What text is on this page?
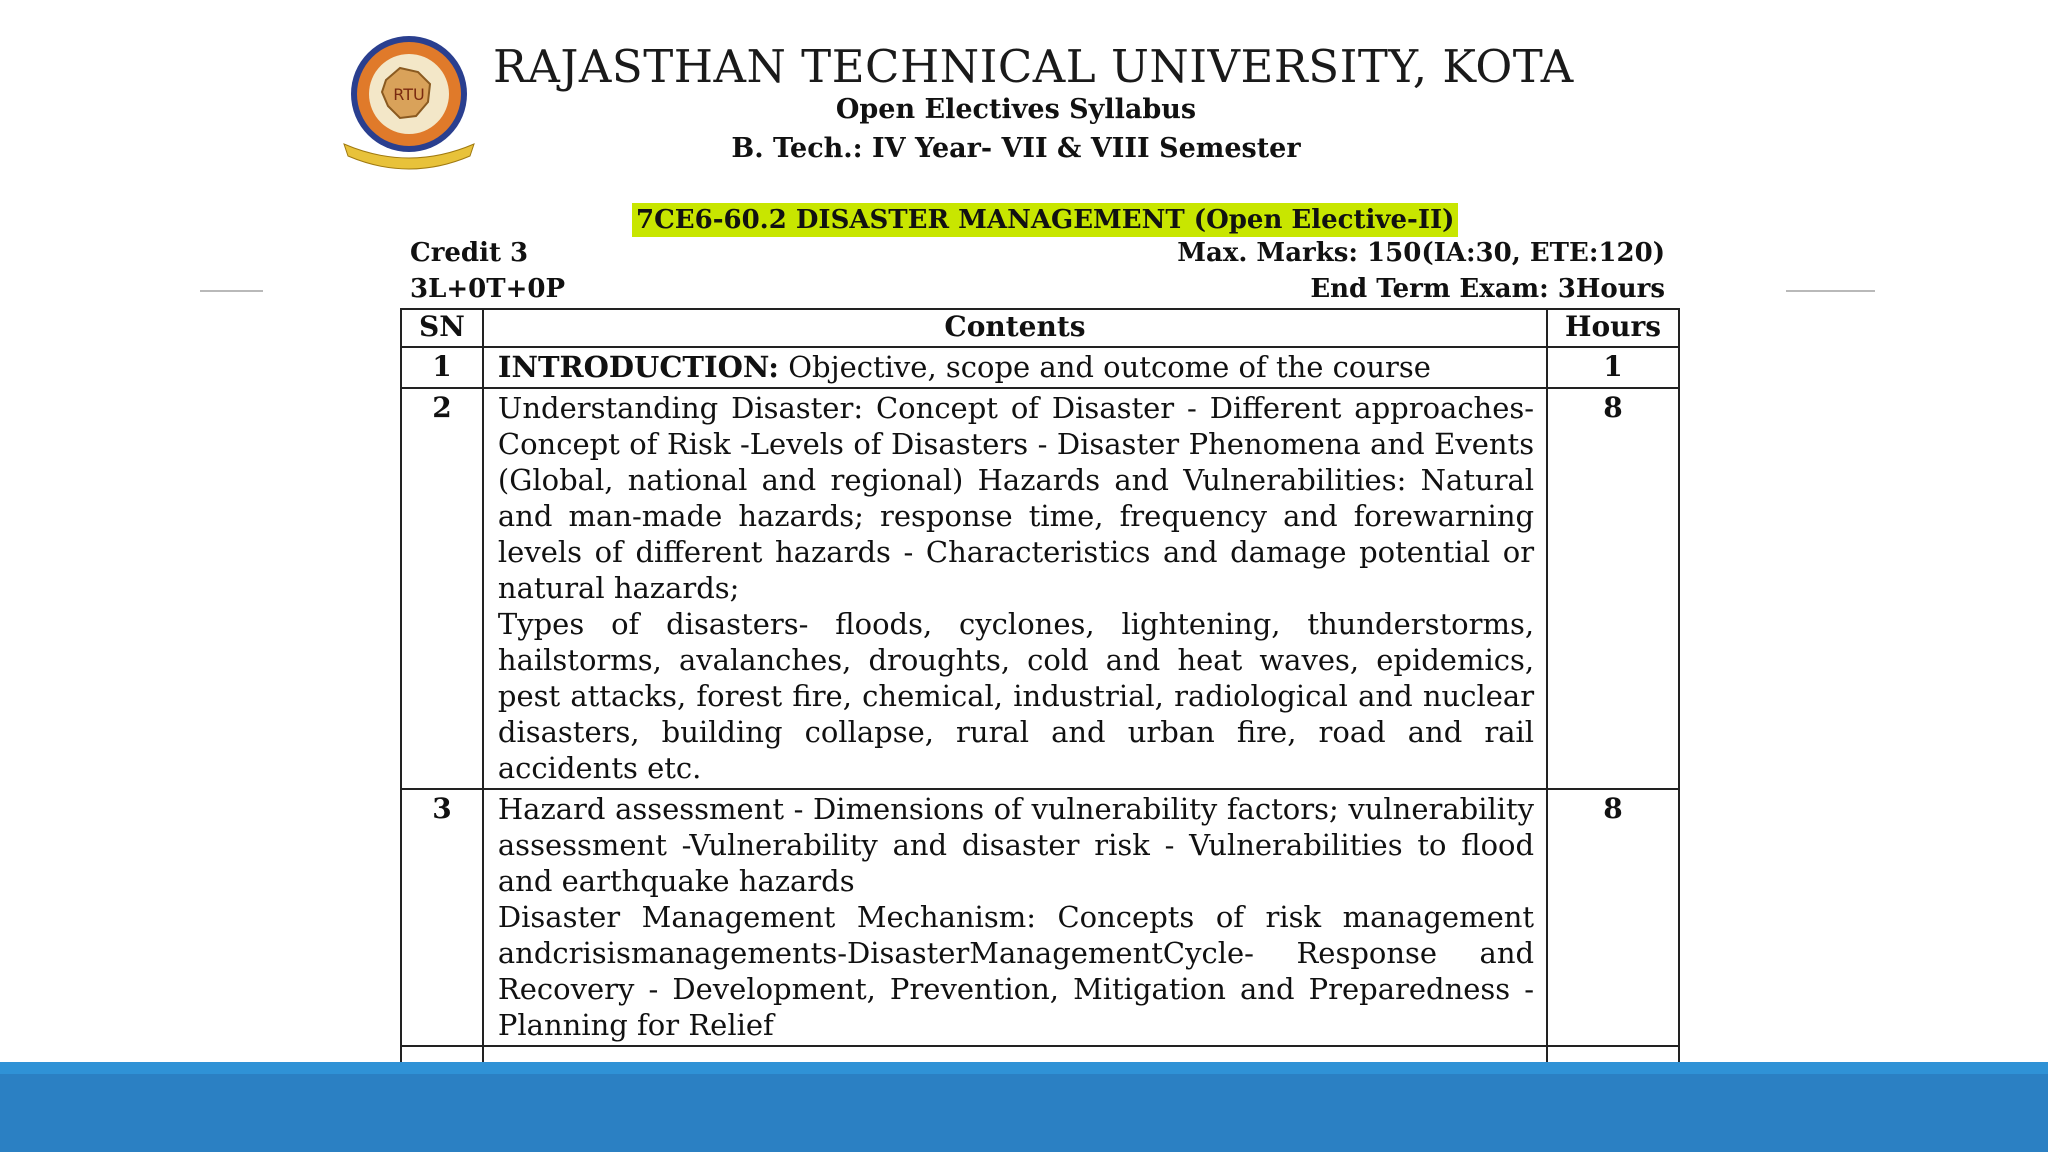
RTU
RAJASTHAN TECHNICAL UNIVERSITY, KOTA
Open Electives Syllabus
B. Tech.: IV Year- VII & VIII Semester
7CE6-60.2 DISASTER MANAGEMENT (Open Elective-II)
Credit 3
3L+0T+0P
Max. Marks: 150(IA:30, ETE:120)
End Term Exam: 3Hours
SN	Contents	Hours
1	INTRODUCTION: Objective, scope and outcome of the course	1
2	Understanding Disaster: Concept of Disaster - Different approaches- Concept of Risk -Levels of Disasters - Disaster Phenomena and Events (Global, national and regional) Hazards and Vulnerabilities: Natural and man-made hazards; response time, frequency and forewarning levels of different hazards - Characteristics and damage potential or natural hazards;

Types of disasters- floods, cyclones, lightening, thunderstorms, hailstorms, avalanches, droughts, cold and heat waves, epidemics, pest attacks, forest fire, chemical, industrial, radiological and nuclear disasters, building collapse, rural and urban fire, road and rail accidents etc.	8
3	Hazard assessment - Dimensions of vulnerability factors; vulnerability assessment -Vulnerability and disaster risk - Vulnerabilities to flood and earthquake hazards

Disaster Management Mechanism: Concepts of risk management andcrisismanagements-DisasterManagementCycle- Response and Recovery - Development, Prevention, Mitigation and Preparedness - Planning for Relief	8
